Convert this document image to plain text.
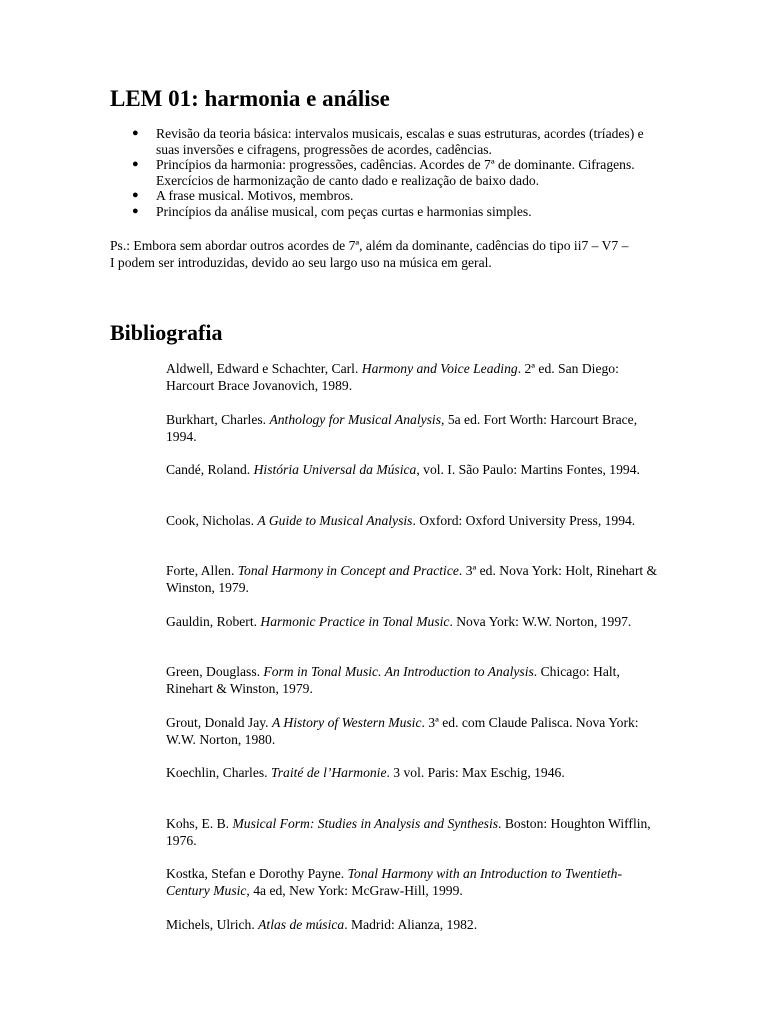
LEM 01: harmonia e análise
● Revisão da teoria básica: intervalos musicais, escalas e suas estruturas, acordes (tríades) e suas inversões e cifragens, progressões de acordes, cadências.
● Princípios da harmonia: progressões, cadências. Acordes de 7ª de dominante. Cifragens. Exercícios de harmonização de canto dado e realização de baixo dado.
● A frase musical. Motivos, membros.
● Princípios da análise musical, com peças curtas e harmonias simples.

Ps.: Embora sem abordar outros acordes de 7ª, além da dominante, cadências do tipo ii7 – V7 –
I podem ser introduzidas, devido ao seu largo uso na música em geral.

Bibliografia
Aldwell, Edward e Schachter, Carl. Harmony and Voice Leading. 2ª ed. San Diego: Harcourt Brace Jovanovich, 1989.
Burkhart, Charles. Anthology for Musical Analysis, 5a ed. Fort Worth: Harcourt Brace, 1994.
Candé, Roland. História Universal da Música, vol. I. São Paulo: Martins Fontes, 1994.
Cook, Nicholas. A Guide to Musical Analysis. Oxford: Oxford University Press, 1994.
Forte, Allen. Tonal Harmony in Concept and Practice. 3ª ed. Nova York: Holt, Rinehart & Winston, 1979.
Gauldin, Robert. Harmonic Practice in Tonal Music. Nova York: W.W. Norton, 1997.
Green, Douglass. Form in Tonal Music. An Introduction to Analysis. Chicago: Halt, Rinehart & Winston, 1979.
Grout, Donald Jay. A History of Western Music. 3ª ed. com Claude Palisca. Nova York: W.W. Norton, 1980.
Koechlin, Charles. Traité de l’Harmonie. 3 vol. Paris: Max Eschig, 1946.
Kohs, E. B. Musical Form: Studies in Analysis and Synthesis. Boston: Houghton Wifflin, 1976.
Kostka, Stefan e Dorothy Payne. Tonal Harmony with an Introduction to Twentieth- Century Music, 4a ed, New York: McGraw-Hill, 1999.
Michels, Ulrich. Atlas de música. Madrid: Alianza, 1982.
